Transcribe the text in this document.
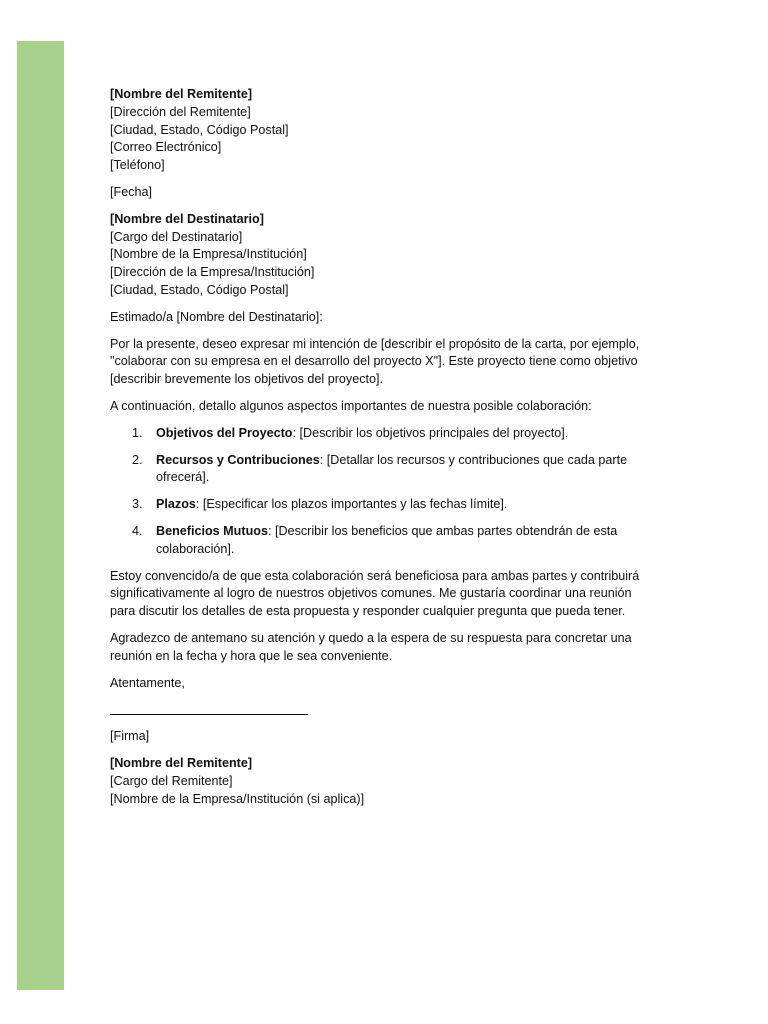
[Nombre del Remitente]
[Dirección del Remitente]
[Ciudad, Estado, Código Postal]
[Correo Electrónico]
[Teléfono]
[Fecha]
[Nombre del Destinatario]
[Cargo del Destinatario]
[Nombre de la Empresa/Institución]
[Dirección de la Empresa/Institución]
[Ciudad, Estado, Código Postal]

Estimado/a [Nombre del Destinatario]:

Por la presente, deseo expresar mi intención de [describir el propósito de la carta, por ejemplo,
"colaborar con su empresa en el desarrollo del proyecto X"]. Este proyecto tiene como objetivo
[describir brevemente los objetivos del proyecto].

A continuación, detallo algunos aspectos importantes de nuestra posible colaboración:

1. Objetivos del Proyecto: [Describir los objetivos principales del proyecto].
2. Recursos y Contribuciones: [Detallar los recursos y contribuciones que cada parte
ofrecerá].
3. Plazos: [Especificar los plazos importantes y las fechas límite].
4. Beneficios Mutuos: [Describir los beneficios que ambas partes obtendrán de esta
colaboración].

Estoy convencido/a de que esta colaboración será beneficiosa para ambas partes y contribuirá
significativamente al logro de nuestros objetivos comunes. Me gustaría coordinar una reunión
para discutir los detalles de esta propuesta y responder cualquier pregunta que pueda tener.

Agradezco de antemano su atención y quedo a la espera de su respuesta para concretar una
reunión en la fecha y hora que le sea conveniente.

Atentamente,

[Firma]

[Nombre del Remitente]
[Cargo del Remitente]
[Nombre de la Empresa/Institución (si aplica)]
